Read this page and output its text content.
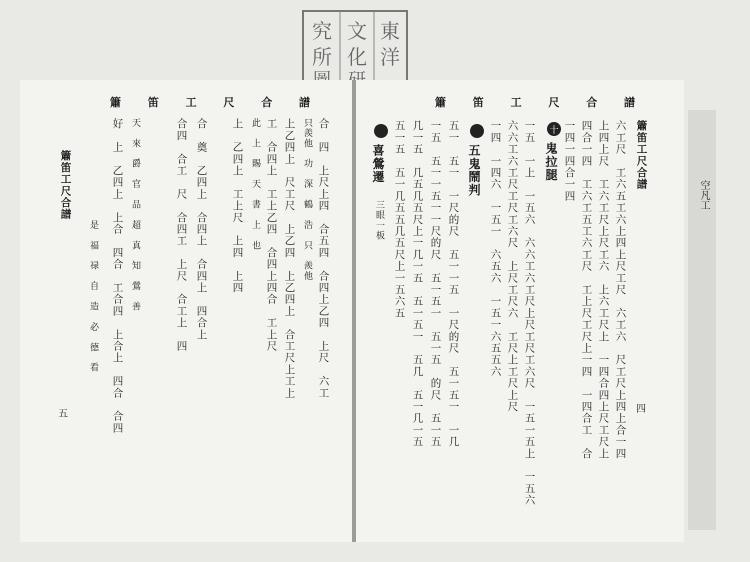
東
洋
文
化
究
所
簫 笛 工 尺 合 譜	簫 笛 工 尺 合 譜
簫笛工尺合譜
四
六工尺　工六五工六上四上尺工尺　六工六　尺工尺上四上合一四
上四上尺　工六工尺上尺工六　上六工尺上　一四合四上尺工尺上
四合一四　工六工五工六工尺　工上尺工尺上一四　一四合工　合
一四一四合一四
十
鬼拉腿
一五　一上　一五六　六六工六工尺上尺工尺工六尺　一五一五上　一五六
六六工六工尺工尺工六尺　上尺工尺六　工尺上工尺上尺
一四　一四六　一五一　六五六　一五一六五五六
五鬼鬧判
五一　五一　一尺的尺　五一一五　一尺的尺　五一五一　一几
一五　五一一五一一尺的尺　五一五一　五一五　的尺　五一五
几一五　几五几五尺上一几一五　五一五一　五几　五一几一五
五一五　五一几五五几五尺上一五六五
喜鶯遷
三眼一板
合　四　上尺上四　合五四　合四上乙四　上尺　六工
只羨他　功　深　鶴　浩　只　羨他
上乙四上　尺工尺　上乙四　上乙四上　合工尺上工上
工　合四上　工上乙四　合四上四合　工上尺
此　上　賜　天　書　上　也
上　乙四上　工上尺　上四　上四
合　奠　乙四上　合四上　合四上　四合上
合四　合工　尺　合四工　上尺　合工上　四
天　來　爵　官　品　超　真　知　鶯　善
好　上　乙四上　上合　四合　工合四　上合上　四合　合四
是　福　禄　自　造　必　德　看
簫笛工尺合譜
五
空凡工
